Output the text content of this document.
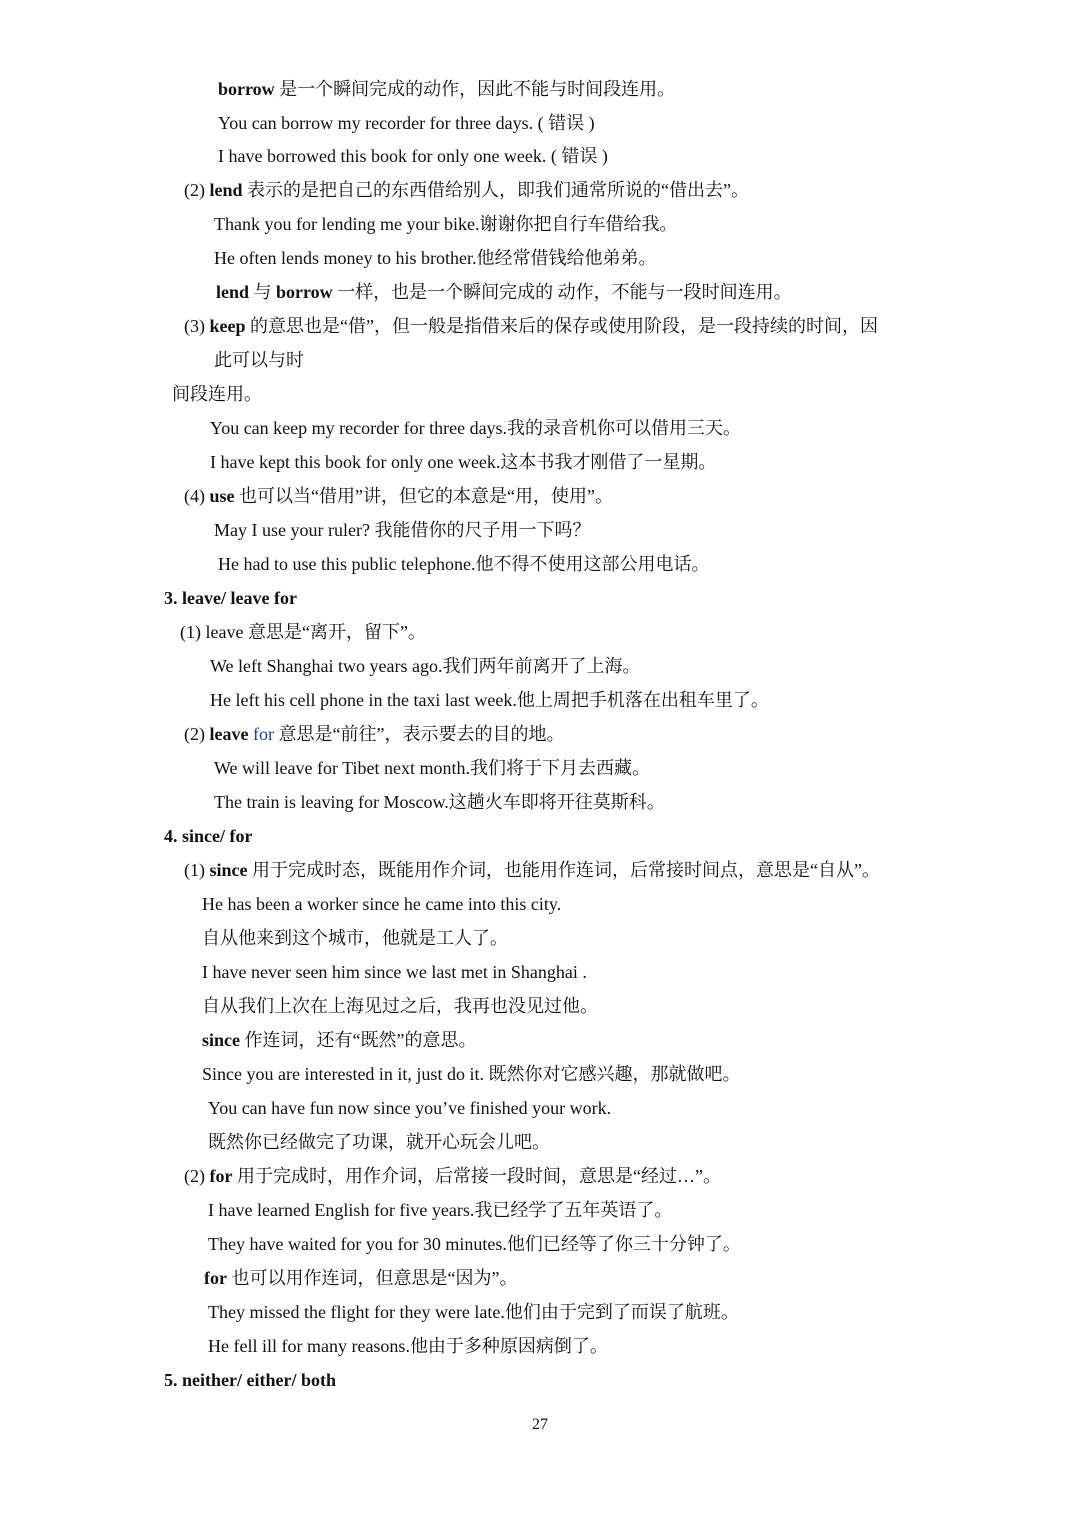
borrow 是一个瞬间完成的动作，因此不能与时间段连用。
You can borrow my recorder for three days. ( 错误 )
I have borrowed this book for only one week. ( 错误 )
(2) lend 表示的是把自己的东西借给别人，即我们通常所说的“借出去”。
Thank you for lending me your bike.谢谢你把自行车借给我。
He often lends money to his brother.他经常借钱给他弟弟。
lend 与 borrow 一样，也是一个瞬间完成的 动作，不能与一段时间连用。
(3) keep 的意思也是“借”，但一般是指借来后的保存或使用阶段，是一段持续的时间，因
此可以与时
间段连用。
You can keep my recorder for three days.我的录音机你可以借用三天。
I have kept this book for only one week.这本书我才刚借了一星期。
(4) use 也可以当“借用”讲，但它的本意是“用，使用”。
May I use your ruler? 我能借你的尺子用一下吗？
He had to use this public telephone.他不得不使用这部公用电话。
3. leave/ leave for
(1) leave 意思是“离开，留下”。
We left Shanghai two years ago.我们两年前离开了上海。
He left his cell phone in the taxi last week.他上周把手机落在出租车里了。
(2) leave for 意思是“前往”，表示要去的目的地。
We will leave for Tibet next month.我们将于下月去西藏。
The train is leaving for Moscow.这趟火车即将开往莫斯科。
4. since/ for
(1) since 用于完成时态，既能用作介词，也能用作连词，后常接时间点，意思是“自从”。
He has been a worker since he came into this city.
自从他来到这个城市，他就是工人了。
I have never seen him since we last met in Shanghai .
自从我们上次在上海见过之后，我再也没见过他。
since 作连词，还有“既然”的意思。
Since you are interested in it, just do it. 既然你对它感兴趣，那就做吧。
You can have fun now since you’ve finished your work.
既然你已经做完了功课，就开心玩会儿吧。
(2) for 用于完成时，用作介词，后常接一段时间，意思是“经过…”。
I have learned English for five years.我已经学了五年英语了。
They have waited for you for 30 minutes.他们已经等了你三十分钟了。
for 也可以用作连词，但意思是“因为”。
They missed the flight for they were late.他们由于完到了而误了航班。
He fell ill for many reasons.他由于多种原因病倒了。
5. neither/ either/ both
27
